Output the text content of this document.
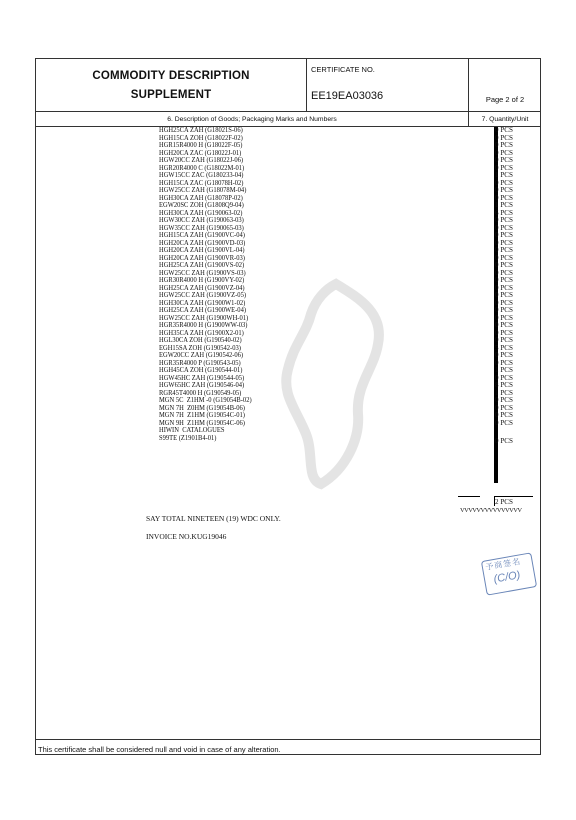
COMMODITY DESCRIPTION
SUPPLEMENT
CERTIFICATE NO.
EE19EA03036	Page 2 of 2
6. Description of Goods; Packaging Marks and Numbers	7. Quantity/Unit
HGH25CA ZAH (G18021S-06)
HGH15CA ZOH (G18022F-02)
HGR15R4000 H (G18022F-05)
HGH20CA ZAC (G18022J-01)
HGW20CC ZAH (G18022J-06)
HGR20R4000 C (G18022M-01)
HGW15CC ZAC (G180233-04)
HGH15CA ZAC (G18078H-02)
HGW25CC ZAH (G18078M-04)
HGH30CA ZAH (G18078P-02)
EGW20SC ZOH (G1808Q9-04)
HGH30CA ZAH (G190063-02)
HGW30CC ZAH (G190063-03)
HGW35CC ZAH (G190065-03)
HGH15CA ZAH (G1900VC-04)
HGH20CA ZAH (G1900VD-03)
HGH20CA ZAH (G1900VL-04)
HGH20CA ZAH (G1900VR-03)
HGH25CA ZAH (G1900VS-02)
HGW25CC ZAH (G1900VS-03)
HGR30R4000 H (G1900VY-02)
HGH25CA ZAH (G1900VZ-04)
HGW25CC ZAH (G1900VZ-05)
HGH30CA ZAH (G1900W1-02)
HGH25CA ZAH (G1900WE-04)
HGW25CC ZAH (G1900WH-01)
HGR35R4000 H (G1900WW-03)
HGH35CA ZAH (G1900X2-01)
HGL30CA ZOH (G190540-02)
EGH15SA ZOH (G190542-03)
EGW20CC ZAH (G190542-06)
HGR35R4000 P (G190543-05)
HGH45CA ZOH (G190544-01)
HGW45HC ZAH (G190544-05)
HGW65HC ZAH (G190546-04)
RGR45T4000 H (G190549-05)
MGN 5C  Z1HM -0 (G19054B-02)
MGN 7H  Z0HM (G19054B-06)
MGN 7H  Z1HM (G19054C-01)
MGN 9H  Z1HM (G19054C-06)
HIWIN  CATALOGUES
S99TE (Z1901B4-01)
0 PCS
0 PCS
0 PCS
0 PCS
0 PCS
0 PCS
1 PCS
0 PCS
0 PCS
0 PCS
1 PCS
6 PCS
0 PCS
0 PCS
0 PCS
0 PCS
0 PCS
0 PCS
0 PCS
0 PCS
0 PCS
0 PCS
0 PCS
0 PCS
0 PCS
0 PCS
0 PCS
0 PCS
0 PCS
5 PCS
0 PCS
0 PCS
1 PCS
0 PCS
8 PCS
1 PCS
0 PCS
0 PCS
0 PCS
0 PCS

0 PCS
2 PCS
VVVVVVVVVVVVVVV
SAY TOTAL NINETEEN (19) WDC ONLY.
INVOICE NO.KUG19046
予商签名
(C/O)
This certificate shall be considered null and void in case of any alteration.
